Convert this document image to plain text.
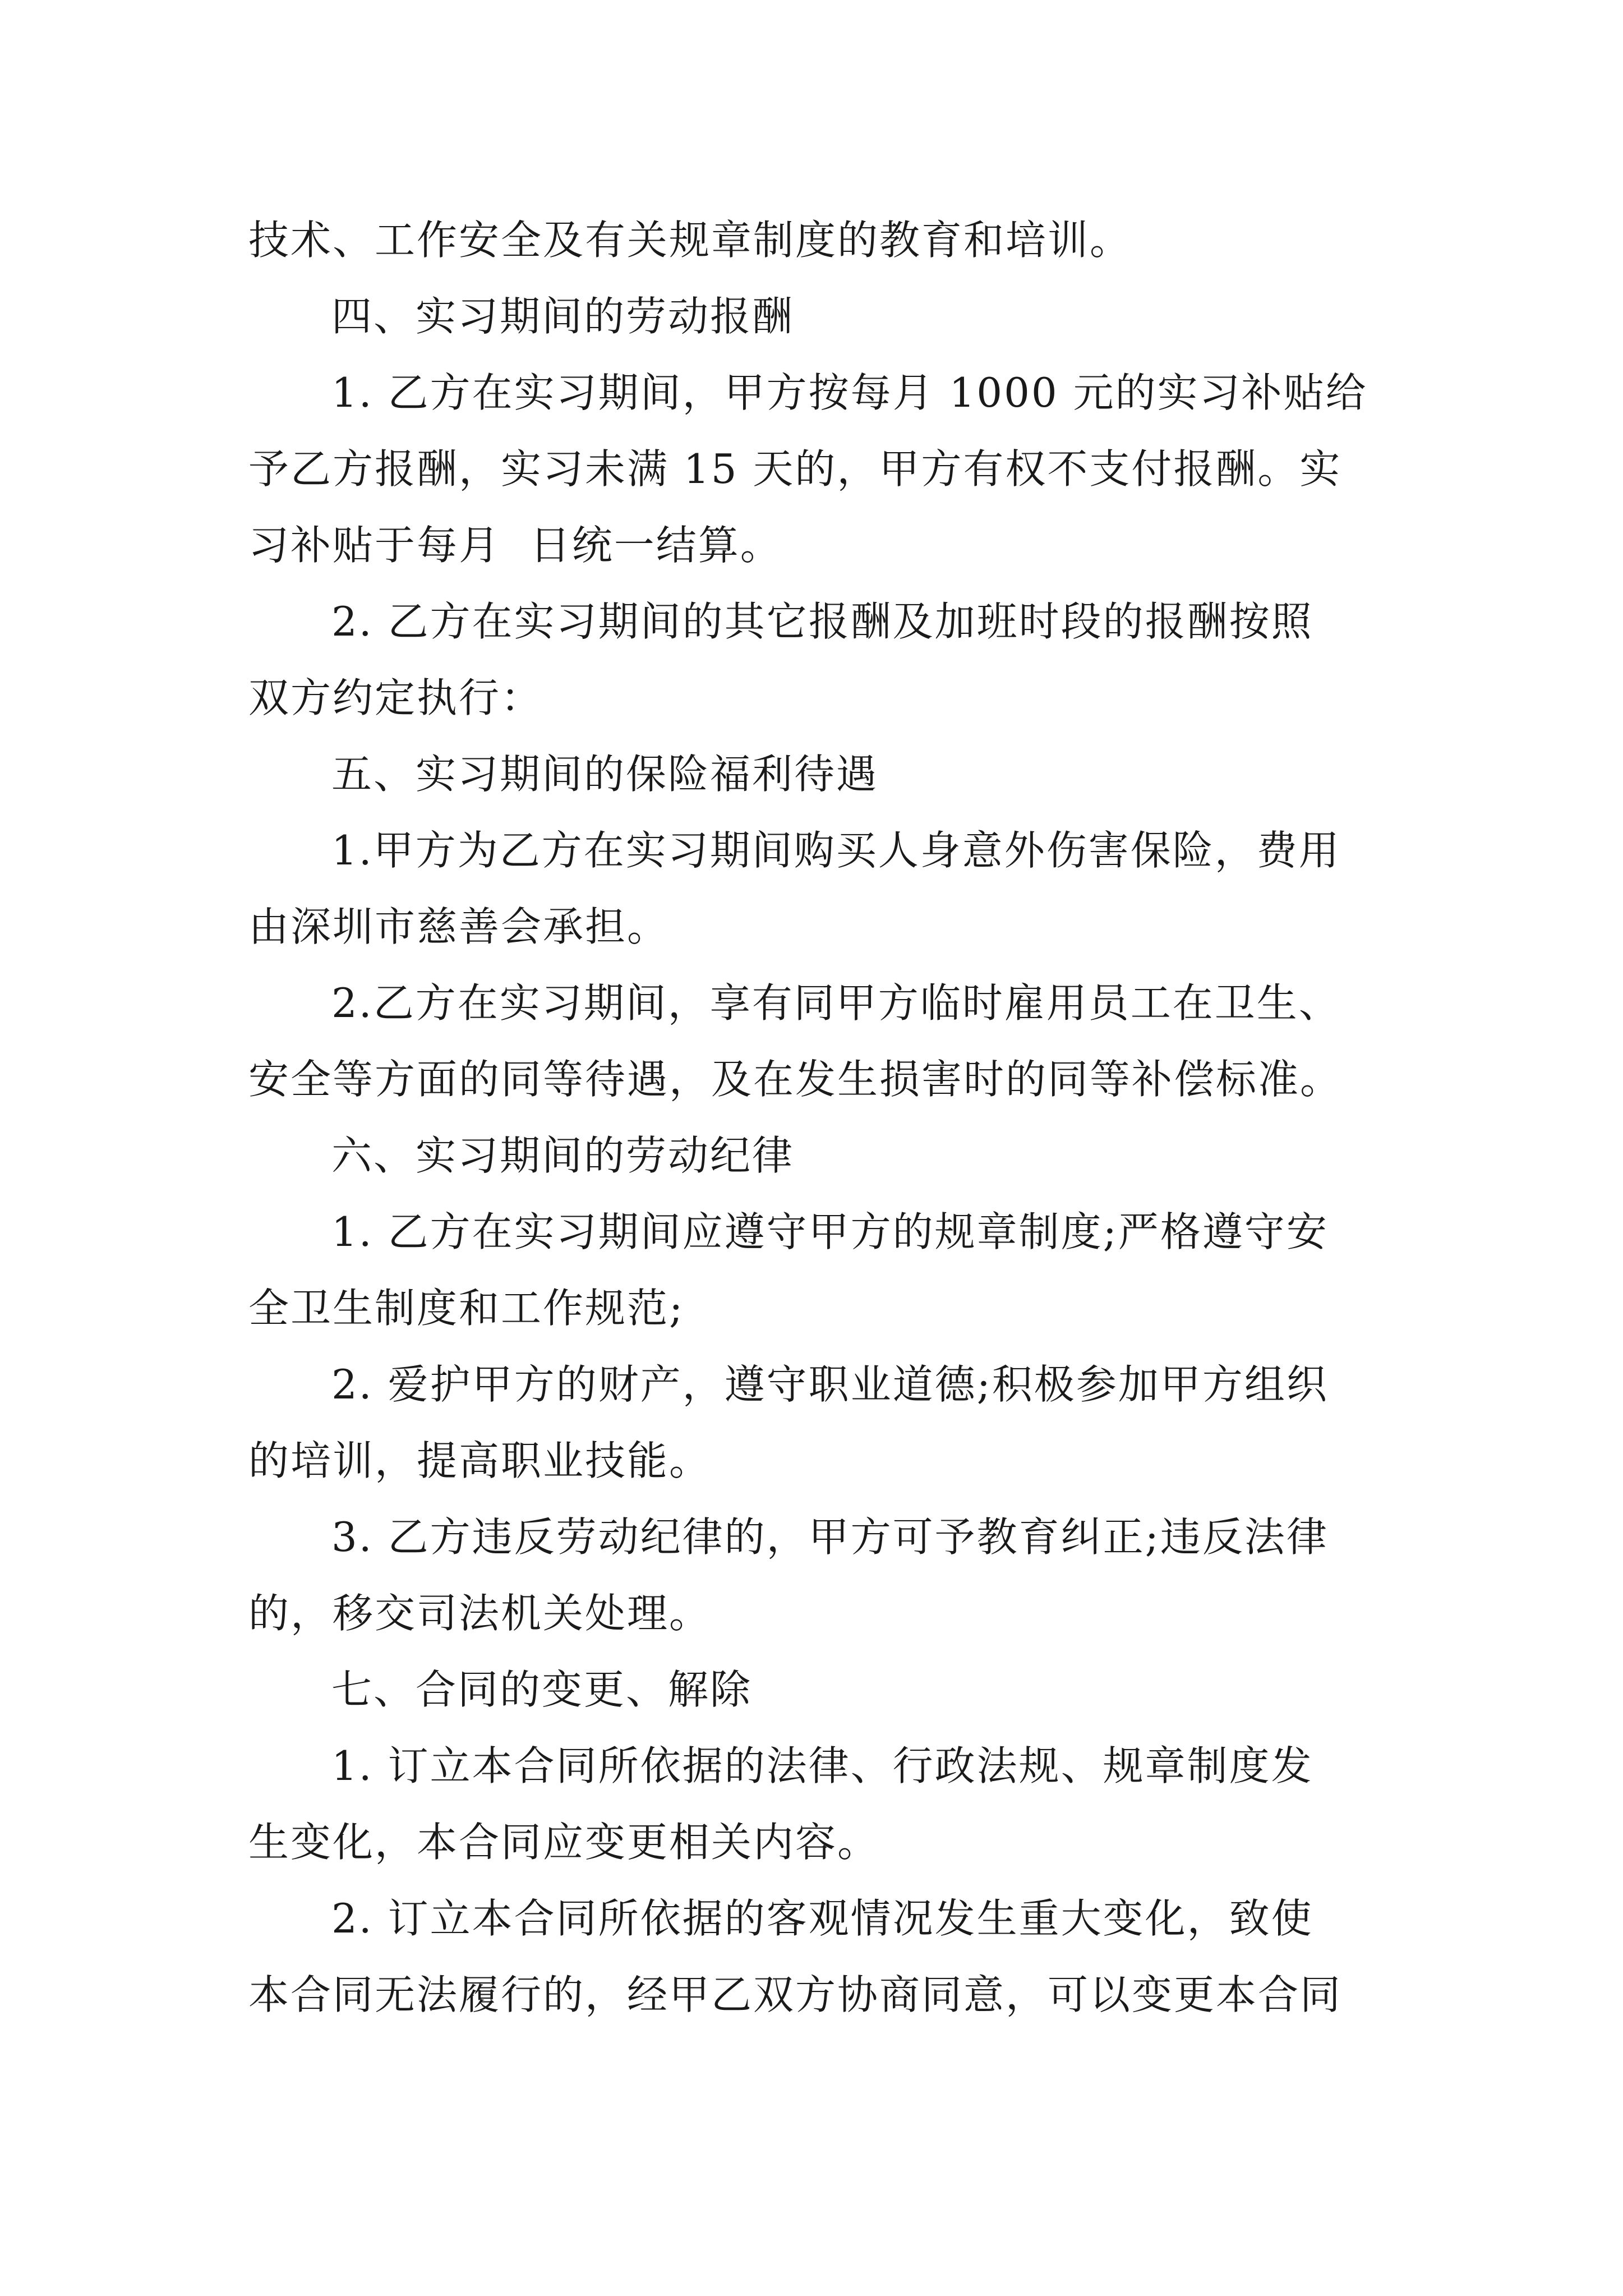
技术、工作安全及有关规章制度的教育和培训。
四、实习期间的劳动报酬
1. 乙方在实习期间，甲方按每月 1000 元的实习补贴给
予乙方报酬，实习未满 15 天的，甲方有权不支付报酬。实
习补贴于每月  日统一结算。
2. 乙方在实习期间的其它报酬及加班时段的报酬按照
双方约定执行：
五、实习期间的保险福利待遇
1.甲方为乙方在实习期间购买人身意外伤害保险，费用
由深圳市慈善会承担。
2.乙方在实习期间，享有同甲方临时雇用员工在卫生、
安全等方面的同等待遇，及在发生损害时的同等补偿标准。
六、实习期间的劳动纪律
1. 乙方在实习期间应遵守甲方的规章制度;严格遵守安
全卫生制度和工作规范;
2. 爱护甲方的财产，遵守职业道德;积极参加甲方组织
的培训，提高职业技能。
3. 乙方违反劳动纪律的，甲方可予教育纠正;违反法律
的，移交司法机关处理。
七、合同的变更、解除
1. 订立本合同所依据的法律、行政法规、规章制度发
生变化，本合同应变更相关内容。
2. 订立本合同所依据的客观情况发生重大变化，致使
本合同无法履行的，经甲乙双方协商同意，可以变更本合同
